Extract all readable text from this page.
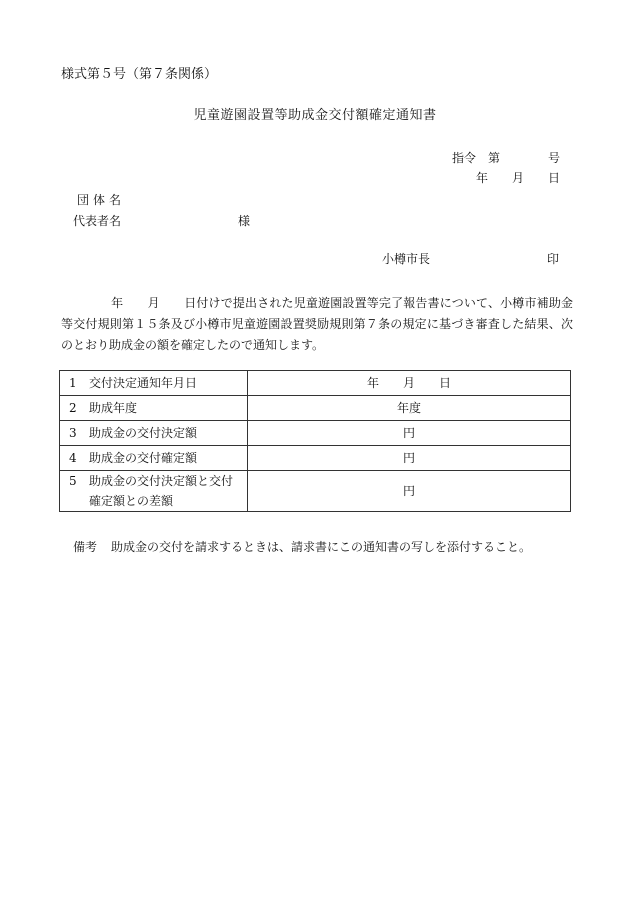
様式第５号（第７条関係）
児童遊園設置等助成金交付額確定通知書
指令　第　　　　号
年　　月　　日
団体名
代表者名	様
小樽市長	印
年　　月　　日付けで提出された児童遊園設置等完了報告書について、小樽市補助金等交付規則第１５条及び小樽市児童遊園設置奨励規則第７条の規定に基づき審査した結果、次のとおり助成金の額を確定したので通知します。
1 交付決定通知年月日	年　　月　　日
2 助成年度	年度
3 助成金の交付決定額	円
4 助成金の交付確定額	円
5 助成金の交付決定額と交付確定額との差額	円
備考 助成金の交付を請求するときは、請求書にこの通知書の写しを添付すること。
